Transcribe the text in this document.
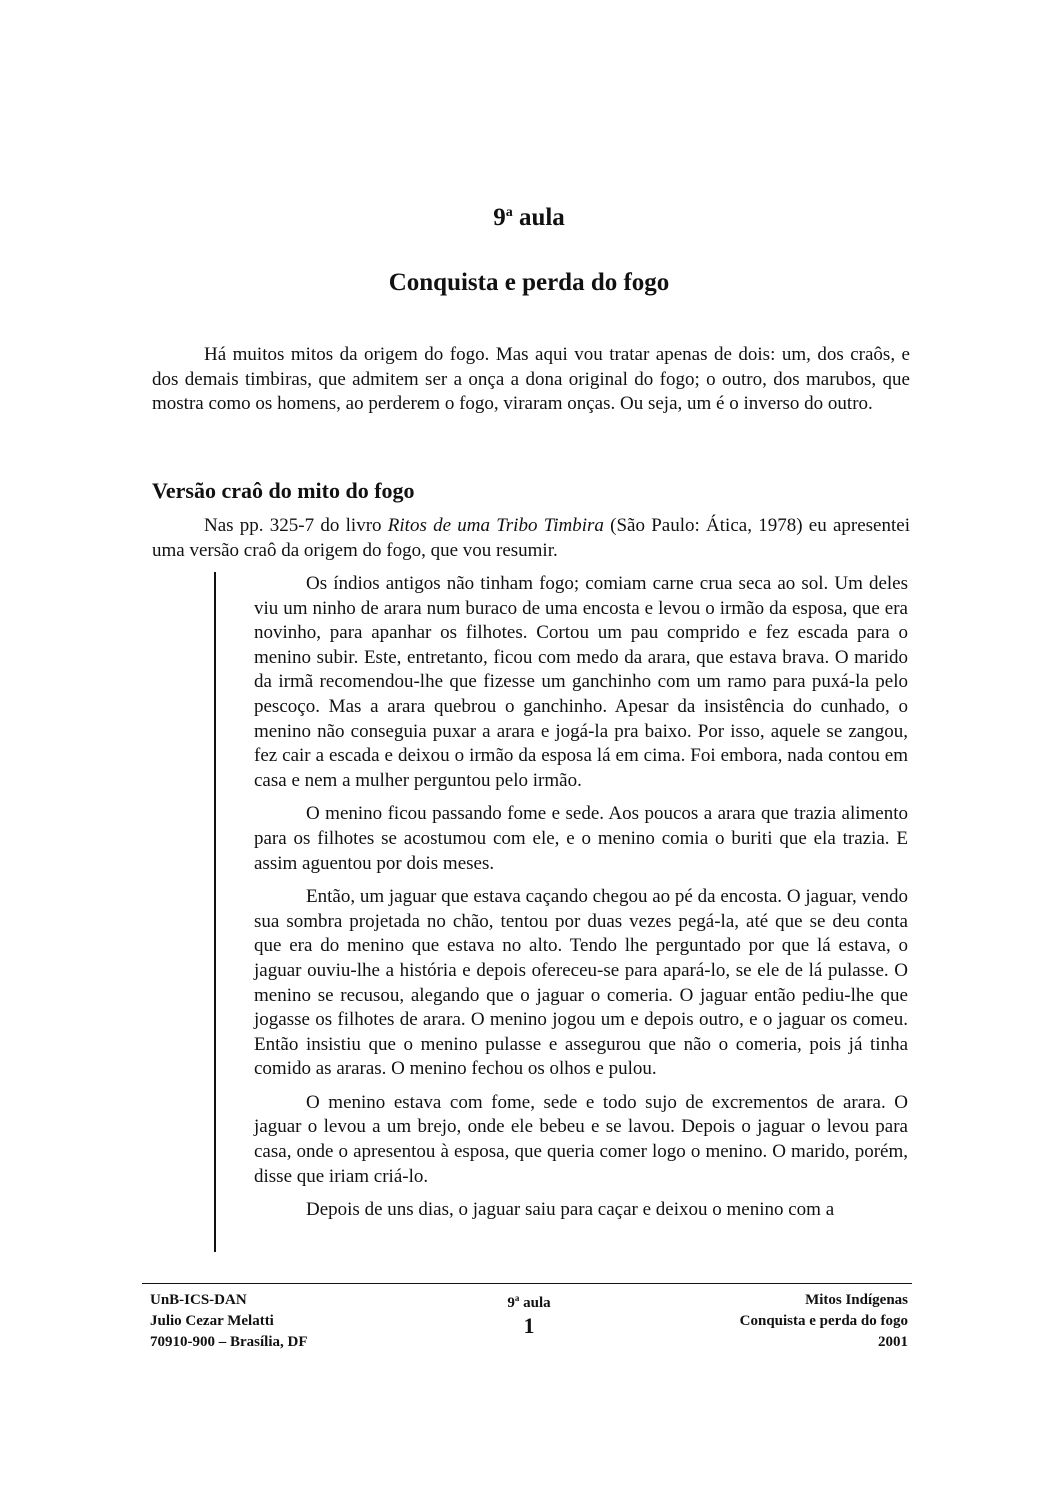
9$^a$ aula
Conquista e perda do fogo

Há muitos mitos da origem do fogo. Mas aqui vou tratar apenas de dois: um, dos craôs, e dos demais timbiras, que admitem ser a onça a dona original do fogo; o outro, dos marubos, que mostra como os homens, ao perderem o fogo, viraram onças. Ou seja, um é o inverso do outro.

Versão craô do mito do fogo

Nas pp. 325-7 do livro Ritos de uma Tribo Timbira (São Paulo: Ática, 1978) eu apresentei uma versão craô da origem do fogo, que vou resumir.

Os índios antigos não tinham fogo; comiam carne crua seca ao sol. Um deles viu um ninho de arara num buraco de uma encosta e levou o irmão da esposa, que era novinho, para apanhar os filhotes. Cortou um pau comprido e fez escada para o menino subir. Este, entretanto, ficou com medo da arara, que estava brava. O marido da irmã recomendou-lhe que fizesse um ganchinho com um ramo para puxá-la pelo pescoço. Mas a arara quebrou o ganchinho. Apesar da insistência do cunhado, o menino não conseguia puxar a arara e jogá-la pra baixo. Por isso, aquele se zangou, fez cair a escada e deixou o irmão da esposa lá em cima. Foi embora, nada contou em casa e nem a mulher perguntou pelo irmão.

O menino ficou passando fome e sede. Aos poucos a arara que trazia alimento para os filhotes se acostumou com ele, e o menino comia o buriti que ela trazia. E assim aguentou por dois meses.

Então, um jaguar que estava caçando chegou ao pé da encosta. O jaguar, vendo sua sombra projetada no chão, tentou por duas vezes pegá-la, até que se deu conta que era do menino que estava no alto. Tendo lhe perguntado por que lá estava, o jaguar ouviu-lhe a história e depois ofereceu-se para apará-lo, se ele de lá pulasse. O menino se recusou, alegando que o jaguar o comeria. O jaguar então pediu-lhe que jogasse os filhotes de arara. O menino jogou um e depois outro, e o jaguar os comeu. Então insistiu que o menino pulasse e assegurou que não o comeria, pois já tinha comido as araras. O menino fechou os olhos e pulou.

O menino estava com fome, sede e todo sujo de excrementos de arara. O jaguar o levou a um brejo, onde ele bebeu e se lavou. Depois o jaguar o levou para casa, onde o apresentou à esposa, que queria comer logo o menino. O marido, porém, disse que iriam criá-lo.

Depois de uns dias, o jaguar saiu para caçar e deixou o menino com a

UnB-ICS-DAN
Julio Cezar Melatti
70910-900 – Brasília, DF
9$^a$ aula
1
Mitos Indígenas
Conquista e perda do fogo
2001
